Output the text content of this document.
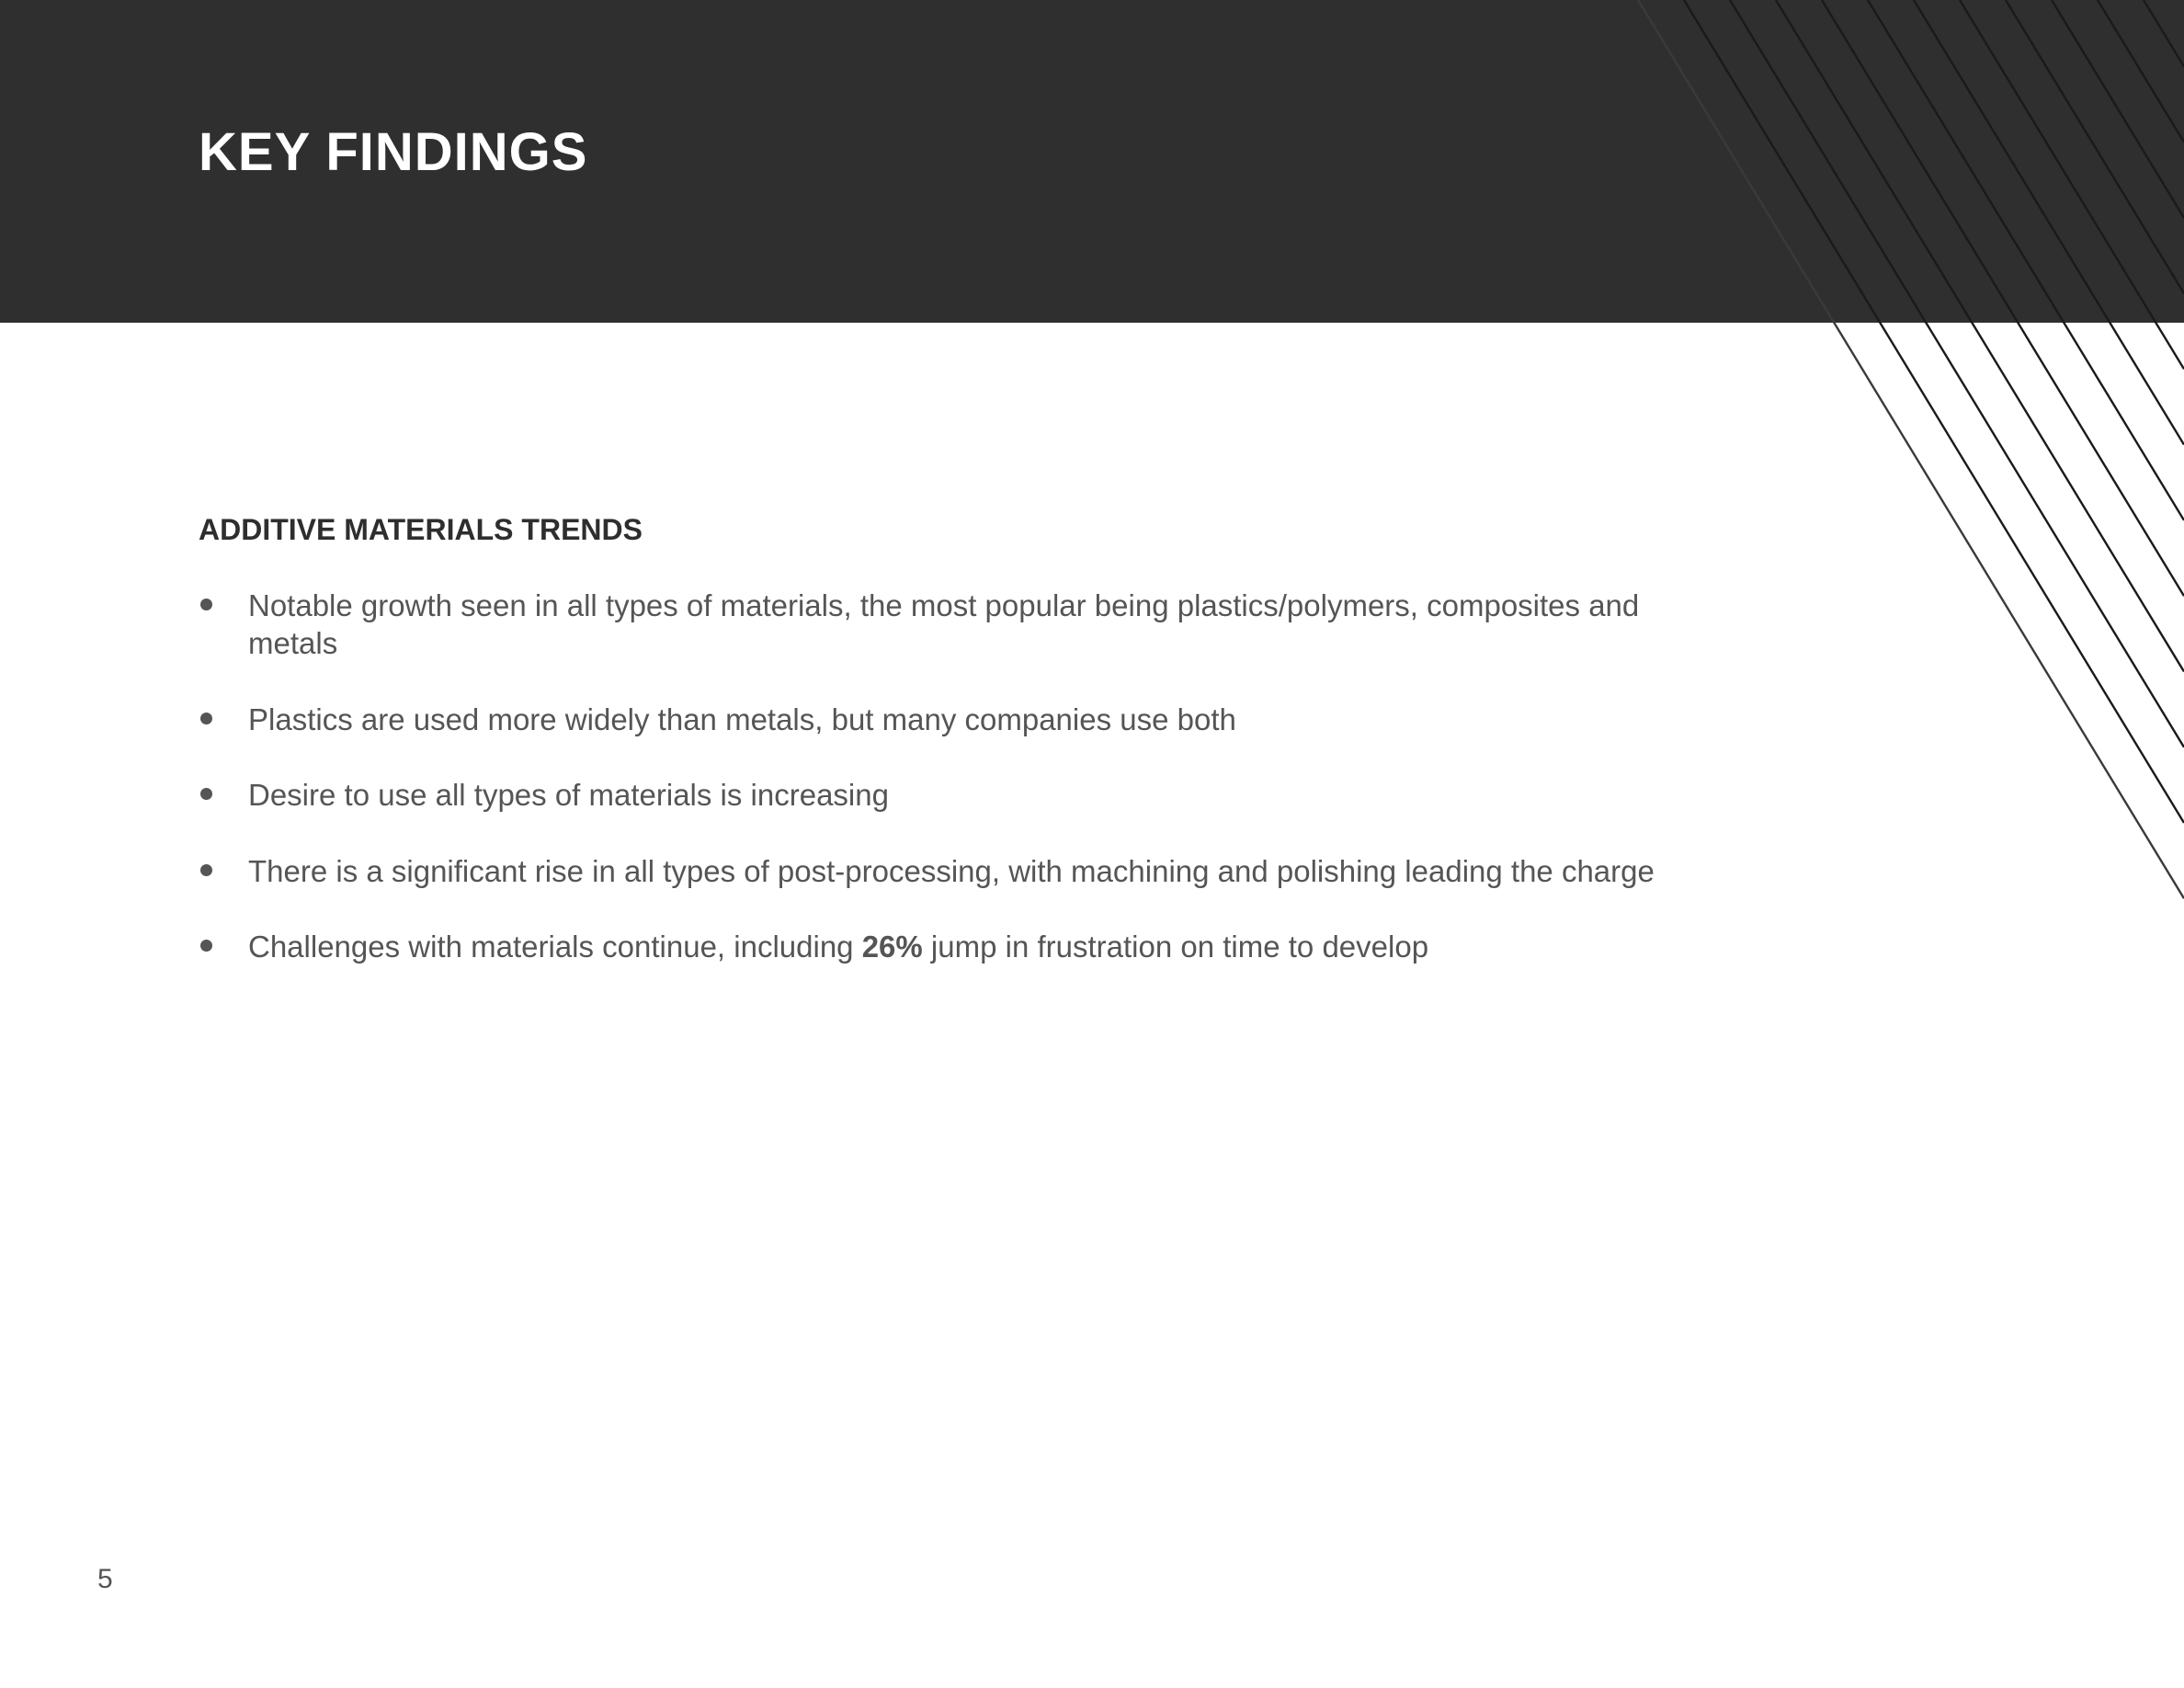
KEY FINDINGS
ADDITIVE MATERIALS TRENDS
Notable growth seen in all types of materials, the most popular being plastics/polymers, composites and metals
Plastics are used more widely than metals, but many companies use both
Desire to use all types of materials is increasing
There is a significant rise in all types of post-processing, with machining and polishing leading the charge
Challenges with materials continue, including 26% jump in frustration on time to develop
5
